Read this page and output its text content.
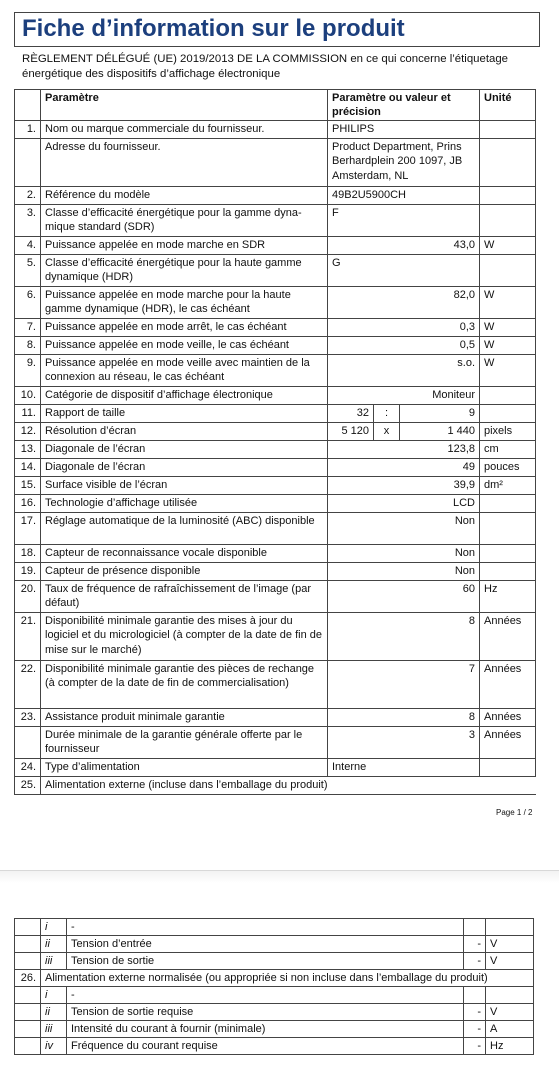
Fiche d’information sur le produit
RÈGLEMENT DÉLÉGUÉ (UE) 2019/2013 DE LA COMMISSION en ce qui concerne l’étiquetage énergétique des dispositifs d’affichage électronique
	Paramètre	Paramètre ou valeur et précision			Unité
1.	Nom ou marque commerciale du fournisseur.	PHILIPS			
	Adresse du fournisseur.	Product Department, Prins Berhardplein 200 1097, JB Amsterdam, NL			
2.	Référence du modèle	49B2U5900CH			
3.	Classe d’efficacité énergétique pour la gamme dynamique standard (SDR)	F			
4.	Puissance appelée en mode marche en SDR	43,0			W
5.	Classe d’efficacité énergétique pour la haute gamme dynamique (HDR)	G			
6.	Puissance appelée en mode marche pour la haute gamme dynamique (HDR), le cas échéant	82,0			W
7.	Puissance appelée en mode arrêt, le cas échéant	0,3			W
8.	Puissance appelée en mode veille, le cas échéant	0,5			W
9.	Puissance appelée en mode veille avec maintien de la connexion au réseau, le cas échéant	s.o.			W
10.	Catégorie de dispositif d’affichage électronique	Moniteur			
11.	Rapport de taille	32	:	9	
12.	Résolution d’écran	5 120	x	1 440	pixels
13.	Diagonale de l’écran	123,8			cm
14.	Diagonale de l’écran	49			pouces
15.	Surface visible de l’écran	39,9			dm²
16.	Technologie d’affichage utilisée	LCD			
17.	Réglage automatique de la luminosité (ABC) disponible	Non			
18.	Capteur de reconnaissance vocale disponible	Non			
19.	Capteur de présence disponible	Non			
20.	Taux de fréquence de rafraîchissement de l’image (par défaut)	60			Hz
21.	Disponibilité minimale garantie des mises à jour du logiciel et du micrologiciel (à compter de la date de fin de mise sur le marché)	8			Années
22.	Disponibilité minimale garantie des pièces de rechange (à compter de la date de fin de commercialisation)	7			Années
23.	Assistance produit minimale garantie	8			Années
	Durée minimale de la garantie générale offerte par le fournisseur	3			Années
24.	Type d’alimentation	Interne			
25.	Alimentation externe (incluse dans l’emballage du produit)				
Page 1 / 2
	i	-		
	ii	Tension d’entrée	-	V
	iii	Tension de sortie	-	V
26.	Alimentation externe normalisée (ou appropriée si non incluse dans l’emballage du produit)			
	i	-		
	ii	Tension de sortie requise	-	V
	iii	Intensité du courant à fournir (minimale)	-	A
	iv	Fréquence du courant requise	-	Hz
